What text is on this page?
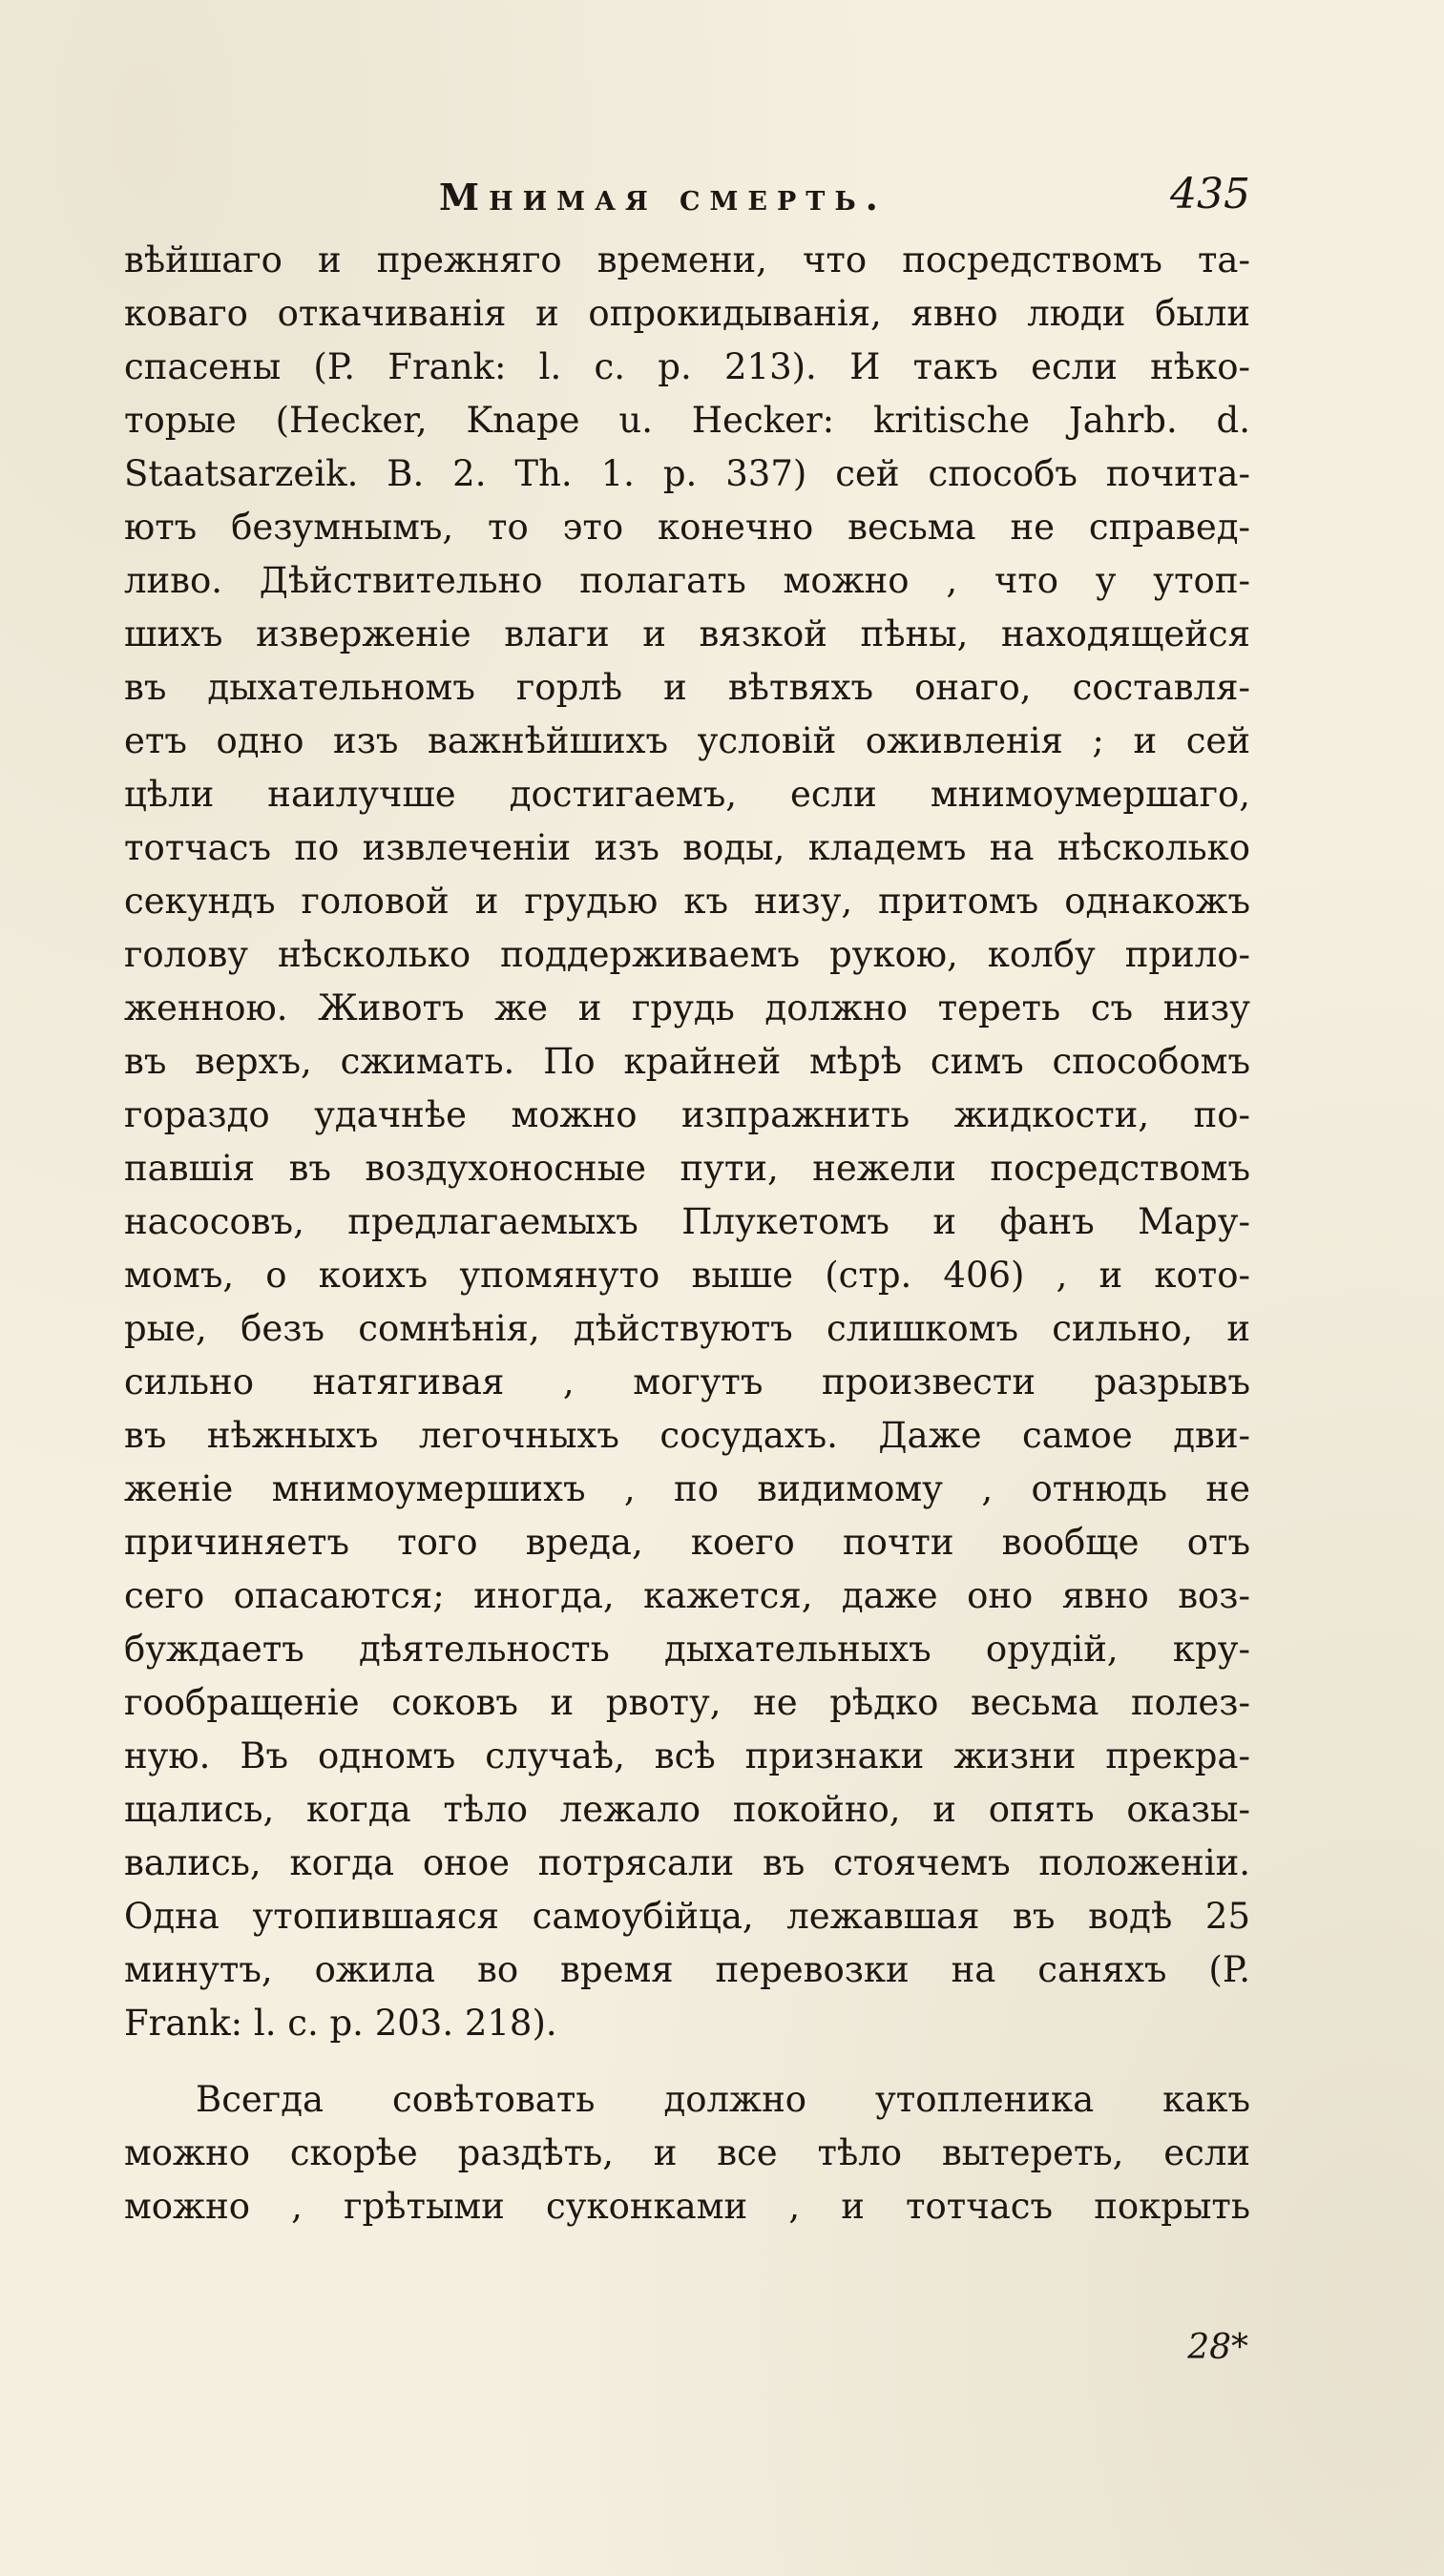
Мнимая смерть.	435
вѣйшаго и прежняго времени, что посредствомъ та-
коваго откачиванія и опрокидыванія, явно люди были
спасены (P. Frank: l. c. p. 213). И такъ если нѣко-
торые (Hecker, Knape u. Hecker: kritische Jahrb. d.
Staatsarzeik. B. 2. Th. 1. p. 337) сей способъ почита-
ютъ безумнымъ, то это конечно весьма не справед-
ливо. Дѣйствительно полагать можно , что у утоп-
шихъ изверженіе влаги и вязкой пѣны, находящейся
въ дыхательномъ горлѣ и вѣтвяхъ онаго, составля-
етъ одно изъ важнѣйшихъ условій оживленія ; и сей
цѣли наилучше достигаемъ, если мнимоумершаго,
тотчасъ по извлеченіи изъ воды, кладемъ на нѣсколько
секундъ головой и грудью къ низу, притомъ однакожъ
голову нѣсколько поддерживаемъ рукою, колбу прило-
женною. Животъ же и грудь должно тереть съ низу
въ верхъ, сжимать. По крайней мѣрѣ симъ способомъ
гораздо удачнѣе можно изпражнить жидкости, по-
павшія въ воздухоносные пути, нежели посредствомъ
насосовъ, предлагаемыхъ Плукетомъ и фанъ Мару-
момъ, о коихъ упомянуто выше (стр. 406) , и кото-
рые, безъ сомнѣнія, дѣйствуютъ слишкомъ сильно, и
сильно натягивая , могутъ произвести разрывъ
въ нѣжныхъ легочныхъ сосудахъ. Даже самое дви-
женіе мнимоумершихъ , по видимому , отнюдь не
причиняетъ того вреда, коего почти вообще отъ
сего опасаются; иногда, кажется, даже оно явно воз-
буждаетъ дѣятельность дыхательныхъ орудій, кру-
гообращеніе соковъ и рвоту, не рѣдко весьма полез-
ную. Въ одномъ случаѣ, всѣ признаки жизни прекра-
щались, когда тѣло лежало покойно, и опять оказы-
вались, когда оное потрясали въ стоячемъ положеніи.
Одна утопившаяся самоубійца, лежавшая въ водѣ 25
минутъ, ожила во время перевозки на саняхъ (P.
Frank: l. c. p. 203. 218).
Всегда совѣтовать должно утопленика какъ
можно скорѣе раздѣть, и все тѣло вытереть, если
можно , грѣтыми суконками , и тотчасъ покрыть
28*
